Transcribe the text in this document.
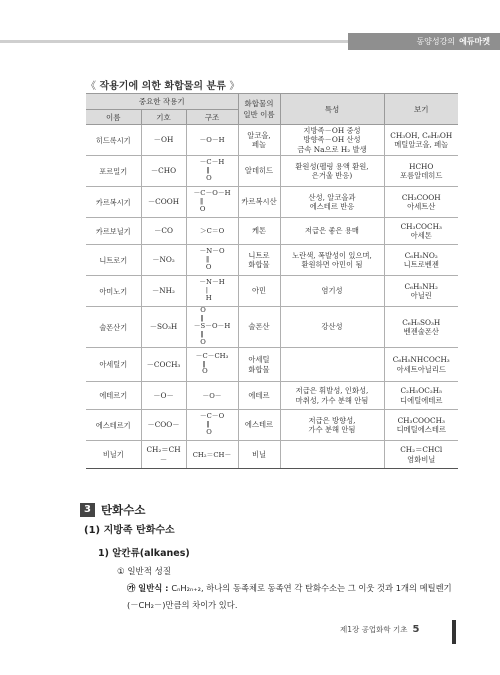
동양성강의 에듀마켓
《 작용기에 의한 화합물의 분류 》
중요한 작용기			화합물의
일반 이름	특성	보기
이름	기호	구조			
히드록시기	－OH	－O－H	알코올,
페놀	지방족－OH 중성
방향족－OH 산성
금속 Na으로 H₂ 발생	CH₃OH, C₆H₅OH
메틸알코올, 페놀
포르밀기	－CHO	－C－H
‖
O	알데히드	환원성(펠링 용액 환원,
은거울 반응)	HCHO
포름알데히드
카르복시기	－COOH	－C－O－H
‖
O	카르복시산	산성, 알코올과
에스테르 반응	CH₃COOH
아세트산
카르보닐기	－CO	＞C＝O	케톤	저급은 좋은 용매	CH₃COCH₃
아세톤
니트로기	－NO₂	－N－O
‖
O	니트로
화합물	노란색, 폭발성이 있으며,
환원하면 아민이 됨	C₆H₅NO₂
니트로벤젠
아미노기	－NH₂	－N－H
|
H	아민	염기성	C₆H₅NH₂
아닐린
술폰산기	－SO₃H	O
‖
－S－O－H
‖
O	술폰산	강산성	C₆H₅SO₃H
벤젠술폰산
아세틸기	－COCH₃	－C－CH₃
‖
O	아세틸
화합물		C₆H₅NHCOCH₃
아세트아닐리드
에테르기	－O－	－O－	에테르	저급은 휘발성, 인화성,
마취성, 가수 분해 안됨	C₂H₅OC₂H₅
디에틸에테르
에스테르기	－COO－	－C－O
‖
O	에스테르	저급은 방향성,
가수 분해 안됨	CH₃COOCH₃
디메틸에스테르
비닐기	CH₂＝CH－	CH₂＝CH－	비닐		CH₂＝CHCl
염화비닐
3 탄화수소
(1) 지방족 탄화수소
1) 알칸류(alkanes)
① 일반적 성질
㉮ 일반식 : CₙH₂ₙ₊₂, 하나의 동족체로 동족연 각 탄화수소는 그 이웃 것과 1개의 메틸렌기
(－CH₂－)만큼의 차이가 있다.
제1장 공업화학 기초 5
